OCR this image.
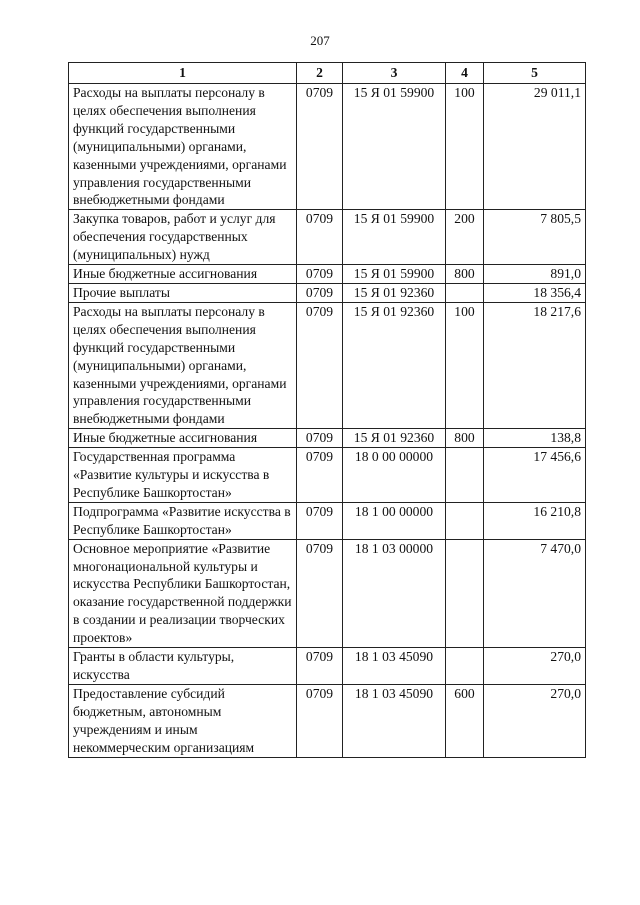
207
1	2	3	4	5
Расходы на выплаты персоналу в целях обеспечения выполнения функций государственными (муниципальными) органами, казенными учреждениями, органами управления государственными внебюджетными фондами	0709	15 Я 01 59900	100	29 011,1
Закупка товаров, работ и услуг для обеспечения государственных (муниципальных) нужд	0709	15 Я 01 59900	200	7 805,5
Иные бюджетные ассигнования	0709	15 Я 01 59900	800	891,0
Прочие выплаты	0709	15 Я 01 92360		18 356,4
Расходы на выплаты персоналу в целях обеспечения выполнения функций государственными (муниципальными) органами, казенными учреждениями, органами управления государственными внебюджетными фондами	0709	15 Я 01 92360	100	18 217,6
Иные бюджетные ассигнования	0709	15 Я 01 92360	800	138,8
Государственная программа «Развитие культуры и искусства в Республике Башкортостан»	0709	18 0 00 00000		17 456,6
Подпрограмма «Развитие искусства в Республике Башкортостан»	0709	18 1 00 00000		16 210,8
Основное мероприятие «Развитие многонациональной культуры и искусства Республики Башкортостан, оказание государственной поддержки в создании и реализации творческих проектов»	0709	18 1 03 00000		7 470,0
Гранты в области культуры, искусства	0709	18 1 03 45090		270,0
Предоставление субсидий бюджетным, автономным учреждениям и иным некоммерческим организациям	0709	18 1 03 45090	600	270,0
